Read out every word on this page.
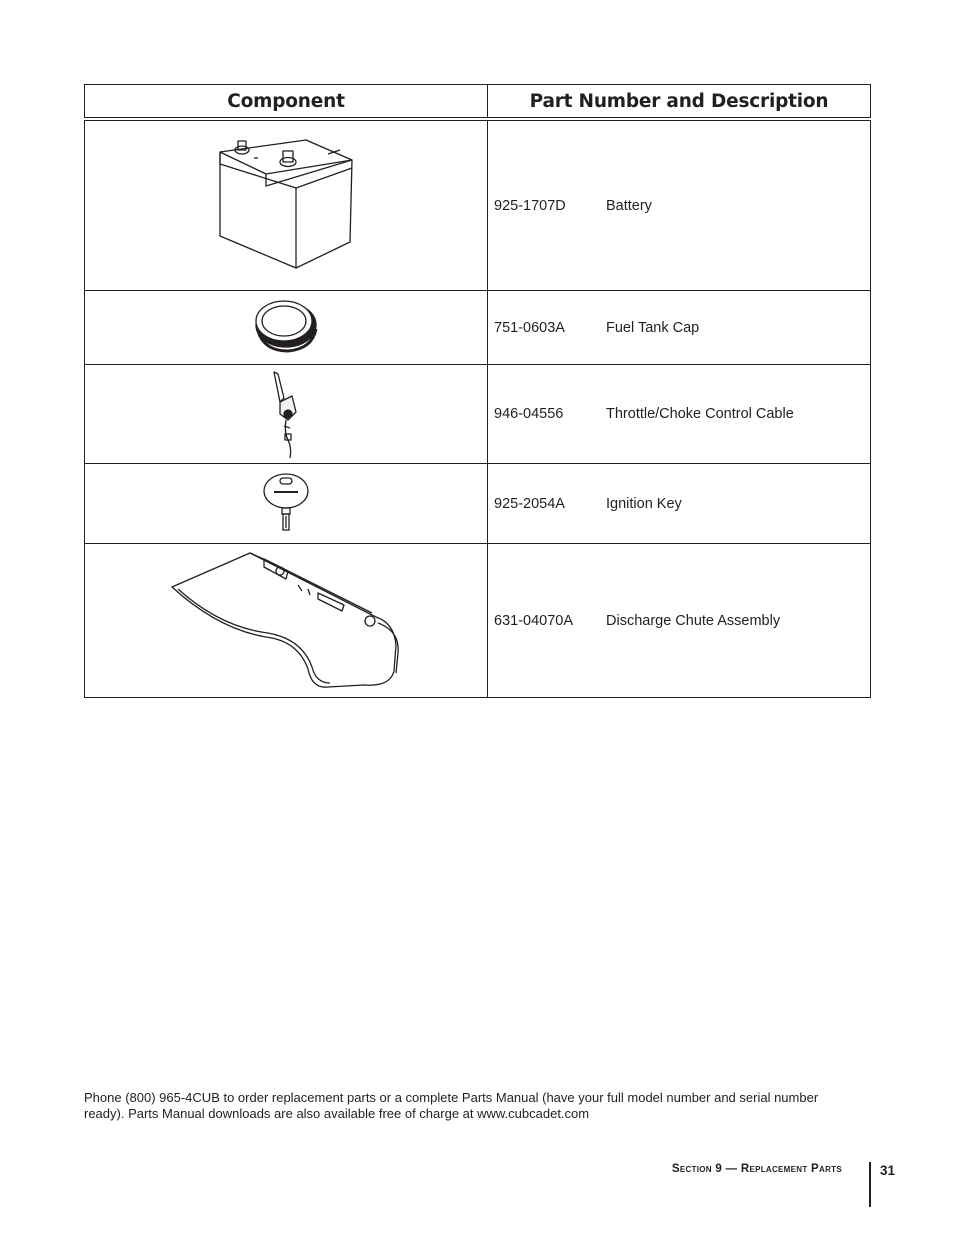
Component	Part Number and Description
925-1707D	Battery
751-0603A	Fuel Tank Cap
946-04556	Throttle/Choke Control Cable
925-2054A	Ignition Key
631-04070A	Discharge Chute Assembly
Phone (800) 965-4CUB to order replacement parts or a complete Parts Manual (have your full model number and serial number ready). Parts Manual downloads are also available free of charge at www.cubcadet.com
Section 9 — Replacement Parts	31
